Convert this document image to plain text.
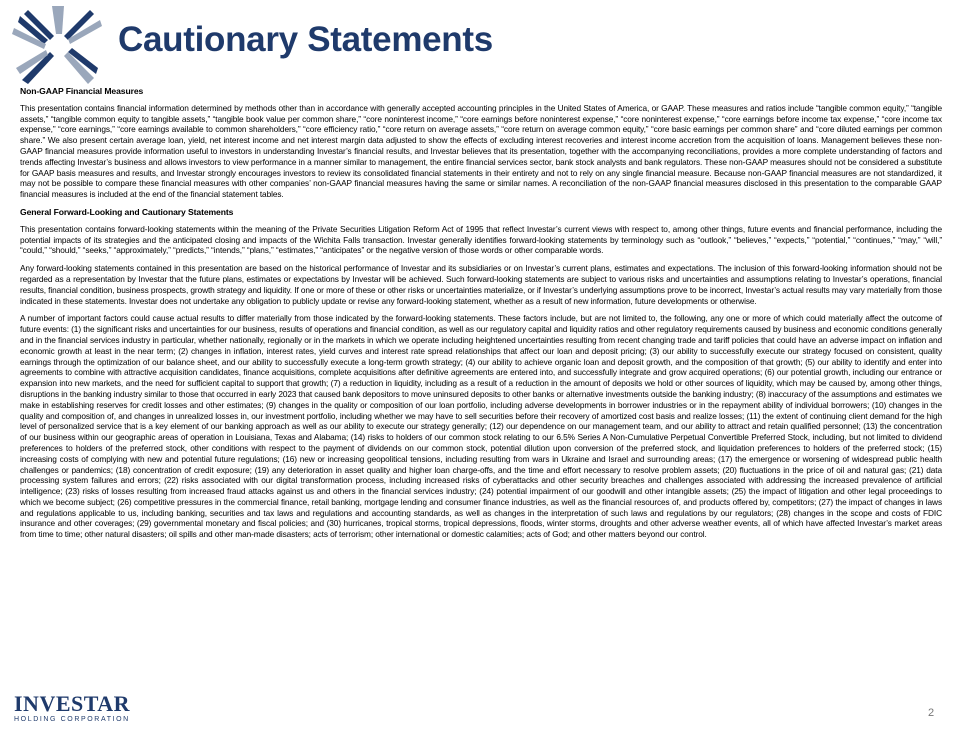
Cautionary Statements

Non-GAAP Financial Measures

This presentation contains financial information determined by methods other than in accordance with generally accepted accounting principles in the United States of America, or GAAP. These measures and ratios include “tangible common equity,” “tangible assets,” “tangible common equity to tangible assets,” “tangible book value per common share,” “core noninterest income,” “core earnings before noninterest expense,” “core noninterest expense,” “core earnings before income tax expense,” “core income tax expense,” “core earnings,” “core earnings available to common shareholders,” “core efficiency ratio,” “core return on average assets,” “core return on average common equity,” “core basic earnings per common share” and “core diluted earnings per common share.” We also present certain average loan, yield, net interest income and net interest margin data adjusted to show the effects of excluding interest recoveries and interest income accretion from the acquisition of loans. Management believes these non-GAAP financial measures provide information useful to investors in understanding Investar’s financial results, and Investar believes that its presentation, together with the accompanying reconciliations, provides a more complete understanding of factors and trends affecting Investar’s business and allows investors to view performance in a manner similar to management, the entire financial services sector, bank stock analysts and bank regulators. These non-GAAP measures should not be considered a substitute for GAAP basis measures and results, and Investar strongly encourages investors to review its consolidated financial statements in their entirety and not to rely on any single financial measure. Because non-GAAP financial measures are not standardized, it may not be possible to compare these financial measures with other companies’ non-GAAP financial measures having the same or similar names. A reconciliation of the non-GAAP financial measures disclosed in this presentation to the comparable GAAP financial measures is included at the end of the financial statement tables.

General Forward-Looking and Cautionary Statements

This presentation contains forward-looking statements within the meaning of the Private Securities Litigation Reform Act of 1995 that reflect Investar’s current views with respect to, among other things, future events and financial performance, including the potential impacts of its strategies and the anticipated closing and impacts of the Wichita Falls transaction. Investar generally identifies forward-looking statements by terminology such as “outlook,” “believes,” “expects,” “potential,” “continues,” “may,” “will,” “could,” “should,” “seeks,” “approximately,” “predicts,” “intends,” “plans,” “estimates,” “anticipates” or the negative version of those words or other comparable words.

Any forward-looking statements contained in this presentation are based on the historical performance of Investar and its subsidiaries or on Investar’s current plans, estimates and expectations. The inclusion of this forward-looking information should not be regarded as a representation by Investar that the future plans, estimates or expectations by Investar will be achieved. Such forward-looking statements are subject to various risks and uncertainties and assumptions relating to Investar’s operations, financial results, financial condition, business prospects, growth strategy and liquidity. If one or more of these or other risks or uncertainties materialize, or if Investar’s underlying assumptions prove to be incorrect, Investar’s actual results may vary materially from those indicated in these statements. Investar does not undertake any obligation to publicly update or revise any forward-looking statement, whether as a result of new information, future developments or otherwise.

A number of important factors could cause actual results to differ materially from those indicated by the forward-looking statements. These factors include, but are not limited to, the following, any one or more of which could materially affect the outcome of future events: (1) the significant risks and uncertainties for our business, results of operations and financial condition, as well as our regulatory capital and liquidity ratios and other regulatory requirements caused by business and economic conditions generally and in the financial services industry in particular, whether nationally, regionally or in the markets in which we operate including heightened uncertainties resulting from recent changing trade and tariff policies that could have an adverse impact on inflation and economic growth at least in the near term; (2) changes in inflation, interest rates, yield curves and interest rate spread relationships that affect our loan and deposit pricing; (3) our ability to successfully execute our strategy focused on consistent, quality earnings through the optimization of our balance sheet, and our ability to successfully execute a long-term growth strategy; (4) our ability to achieve organic loan and deposit growth, and the composition of that growth; (5) our ability to identify and enter into agreements to combine with attractive acquisition candidates, finance acquisitions, complete acquisitions after definitive agreements are entered into, and successfully integrate and grow acquired operations; (6) our potential growth, including our entrance or expansion into new markets, and the need for sufficient capital to support that growth; (7) a reduction in liquidity, including as a result of a reduction in the amount of deposits we hold or other sources of liquidity, which may be caused by, among other things, disruptions in the banking industry similar to those that occurred in early 2023 that caused bank depositors to move uninsured deposits to other banks or alternative investments outside the banking industry; (8) inaccuracy of the assumptions and estimates we make in establishing reserves for credit losses and other estimates; (9) changes in the quality or composition of our loan portfolio, including adverse developments in borrower industries or in the repayment ability of individual borrowers; (10) changes in the quality and composition of, and changes in unrealized losses in, our investment portfolio, including whether we may have to sell securities before their recovery of amortized cost basis and realize losses; (11) the extent of continuing client demand for the high level of personalized service that is a key element of our banking approach as well as our ability to execute our strategy generally; (12) our dependence on our management team, and our ability to attract and retain qualified personnel; (13) the concentration of our business within our geographic areas of operation in Louisiana, Texas and Alabama; (14) risks to holders of our common stock relating to our 6.5% Series A Non-Cumulative Perpetual Convertible Preferred Stock, including, but not limited to dividend preferences to holders of the preferred stock, other conditions with respect to the payment of dividends on our common stock, potential dilution upon conversion of the preferred stock, and liquidation preferences to holders of the preferred stock; (15) increasing costs of complying with new and potential future regulations; (16) new or increasing geopolitical tensions, including resulting from wars in Ukraine and Israel and surrounding areas; (17) the emergence or worsening of widespread public health challenges or pandemics; (18) concentration of credit exposure; (19) any deterioration in asset quality and higher loan charge-offs, and the time and effort necessary to resolve problem assets; (20) fluctuations in the price of oil and natural gas; (21) data processing system failures and errors; (22) risks associated with our digital transformation process, including increased risks of cyberattacks and other security breaches and challenges associated with addressing the increased prevalence of artificial intelligence; (23) risks of losses resulting from increased fraud attacks against us and others in the financial services industry; (24) potential impairment of our goodwill and other intangible assets; (25) the impact of litigation and other legal proceedings to which we become subject; (26) competitive pressures in the commercial finance, retail banking, mortgage lending and consumer finance industries, as well as the financial resources of, and products offered by, competitors; (27) the impact of changes in laws and regulations applicable to us, including banking, securities and tax laws and regulations and accounting standards, as well as changes in the interpretation of such laws and regulations by our regulators; (28) changes in the scope and costs of FDIC insurance and other coverages; (29) governmental monetary and fiscal policies; and (30) hurricanes, tropical storms, tropical depressions, floods, winter storms, droughts and other adverse weather events, all of which have affected Investar’s market areas from time to time; other natural disasters; oil spills and other man-made disasters; acts of terrorism; other international or domestic calamities; acts of God; and other matters beyond our control.

INVESTAR
HOLDING CORPORATION
2
